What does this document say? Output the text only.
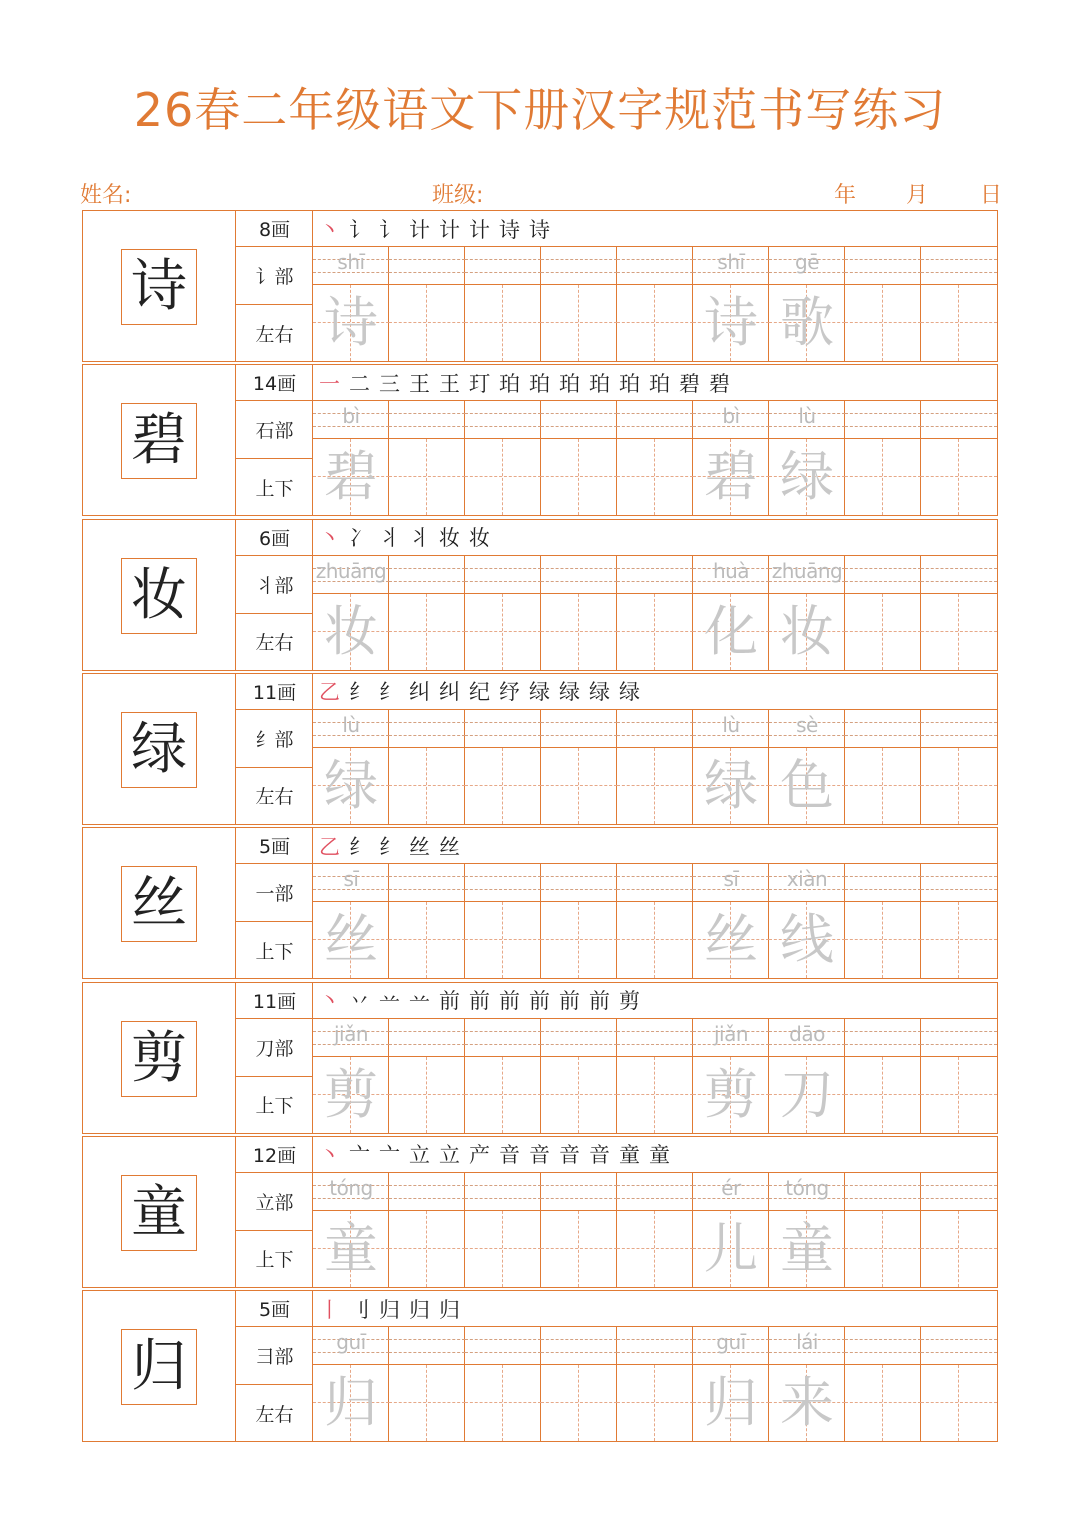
26春二年级语文下册汉字规范书写练习
姓名:	班级:	年 月 日
诗
8画
讠部
左右
丶 讠 讠 计 计 计 诗 诗
shī
诗
shī
诗
gē
歌
碧
14画
石部
上下
一 二 三 王 王 玎 珀 珀 珀 珀 珀 珀 碧 碧
bì
碧
bì
碧
lù
绿
妆
6画
丬部
左右
丶 冫 丬 丬 妆 妆
zhuāng
妆
huà
化
zhuāng
妆
绿
11画
纟部
左右
乙 纟 纟 纠 纠 纪 纾 绿 绿 绿 绿
lù
绿
lù
绿
sè
色
丝
5画
一部
上下
乙 纟 纟 丝 丝
sī
丝
sī
丝
xiàn
线
剪
11画
刀部
上下
丶 丷 䒑 䒑 前 前 前 前 前 前 剪
jiǎn
剪
jiǎn
剪
dāo
刀
童
12画
立部
上下
丶 亠 亠 立 立 产 音 音 音 音 童 童
tóng
童
ér
儿
tóng
童
归
5画
彐部
左右
丨 刂 归 归 归
guī
归
guī
归
lái
来
